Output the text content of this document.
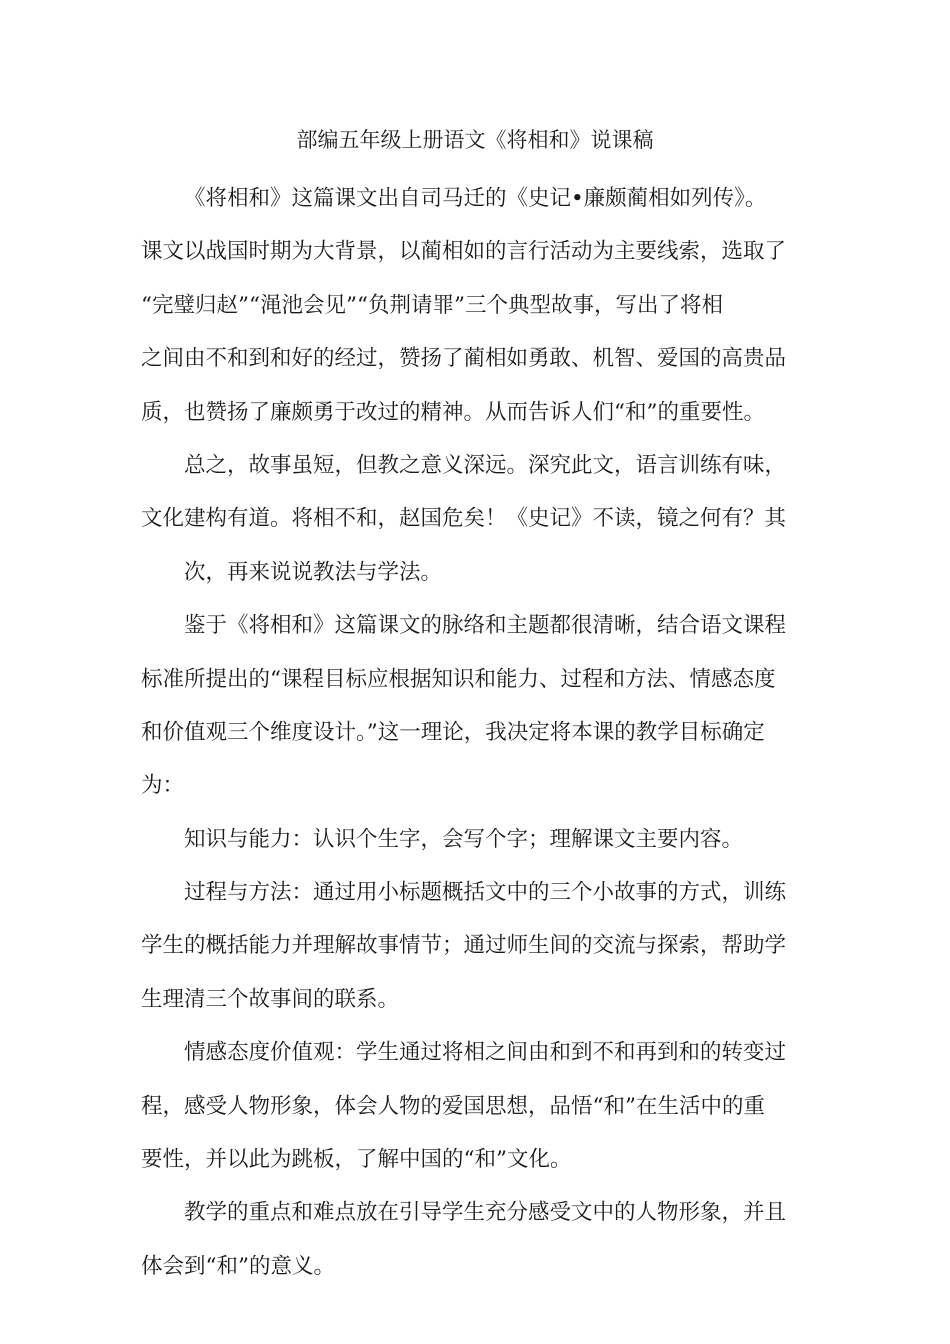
部编五年级上册语文《将相和》说课稿
《将相和》这篇课文出自司马迁的《史记•廉颇蔺相如列传》。
课文以战国时期为大背景，以蔺相如的言行活动为主要线索，选取了
“完璧归赵”“渑池会见”“负荆请罪”三个典型故事，写出了将相
之间由不和到和好的经过，赞扬了蔺相如勇敢、机智、爱国的高贵品
质，也赞扬了廉颇勇于改过的精神。从而告诉人们“和”的重要性。
总之，故事虽短，但教之意义深远。深究此文，语言训练有味，
文化建构有道。将相不和，赵国危矣！《史记》不读，镜之何有？其
次，再来说说教法与学法。
鉴于《将相和》这篇课文的脉络和主题都很清晰，结合语文课程
标准所提出的“课程目标应根据知识和能力、过程和方法、情感态度
和价值观三个维度设计。”这一理论，我决定将本课的教学目标确定
为：
知识与能力：认识个生字，会写个字；理解课文主要内容。
过程与方法：通过用小标题概括文中的三个小故事的方式，训练
学生的概括能力并理解故事情节；通过师生间的交流与探索，帮助学
生理清三个故事间的联系。
情感态度价值观：学生通过将相之间由和到不和再到和的转变过
程，感受人物形象，体会人物的爱国思想，品悟“和”在生活中的重
要性，并以此为跳板，了解中国的“和”文化。
教学的重点和难点放在引导学生充分感受文中的人物形象，并且
体会到“和”的意义。
